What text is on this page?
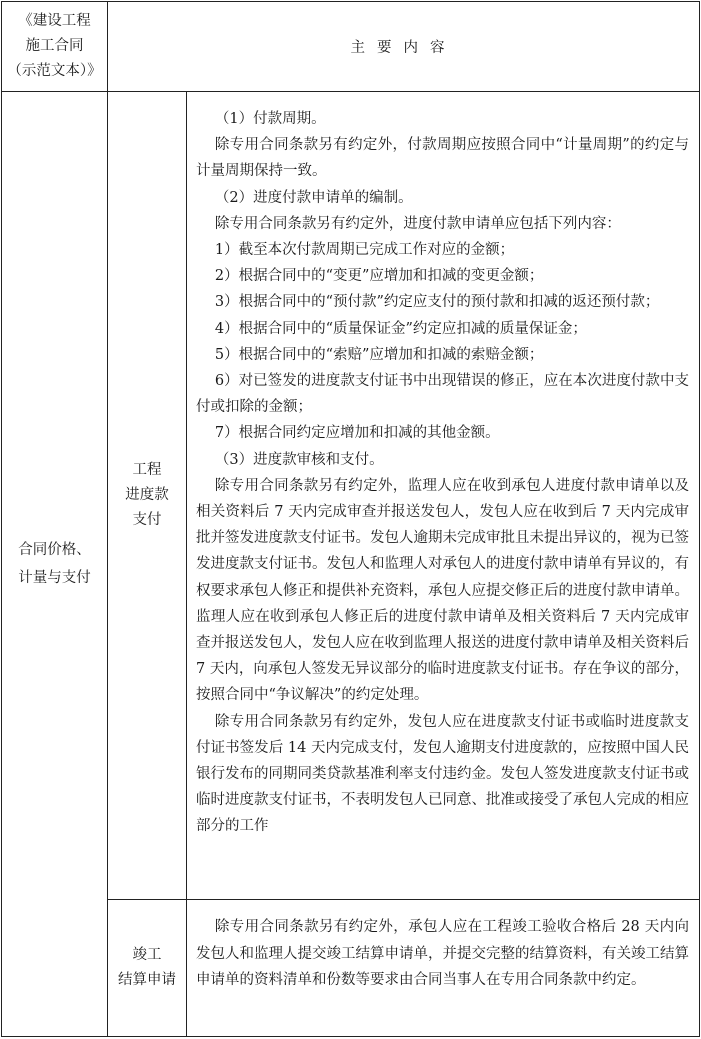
《建设工程
施工合同
（示范文本）》
主要内容
合同价格、
计量与支付
工程
进度款
支付

（1）付款周期。

除专用合同条款另有约定外，付款周期应按照合同中“计量周期”的约定与计量周期保持一致。

（2）进度付款申请单的编制。

除专用合同条款另有约定外，进度付款申请单应包括下列内容：

1）截至本次付款周期已完成工作对应的金额；

2）根据合同中的“变更”应增加和扣减的变更金额；

3）根据合同中的“预付款”约定应支付的预付款和扣减的返还预付款；

4）根据合同中的“质量保证金”约定应扣减的质量保证金；

5）根据合同中的“索赔”应增加和扣减的索赔金额；

6）对已签发的进度款支付证书中出现错误的修正，应在本次进度付款中支付或扣除的金额；

7）根据合同约定应增加和扣减的其他金额。

（3）进度款审核和支付。

除专用合同条款另有约定外，监理人应在收到承包人进度付款申请单以及相关资料后 7 天内完成审查并报送发包人，发包人应在收到后 7 天内完成审批并签发进度款支付证书。发包人逾期未完成审批且未提出异议的，视为已签发进度款支付证书。发包人和监理人对承包人的进度付款申请单有异议的，有权要求承包人修正和提供补充资料，承包人应提交修正后的进度付款申请单。监理人应在收到承包人修正后的进度付款申请单及相关资料后 7 天内完成审查并报送发包人，发包人应在收到监理人报送的进度付款申请单及相关资料后 7 天内，向承包人签发无异议部分的临时进度款支付证书。存在争议的部分，按照合同中“争议解决”的约定处理。

除专用合同条款另有约定外，发包人应在进度款支付证书或临时进度款支付证书签发后 14 天内完成支付，发包人逾期支付进度款的，应按照中国人民银行发布的同期同类贷款基准利率支付违约金。发包人签发进度款支付证书或临时进度款支付证书，不表明发包人已同意、批准或接受了承包人完成的相应部分的工作

竣工
结算申请

除专用合同条款另有约定外，承包人应在工程竣工验收合格后 28 天内向发包人和监理人提交竣工结算申请单，并提交完整的结算资料，有关竣工结算申请单的资料清单和份数等要求由合同当事人在专用合同条款中约定。
